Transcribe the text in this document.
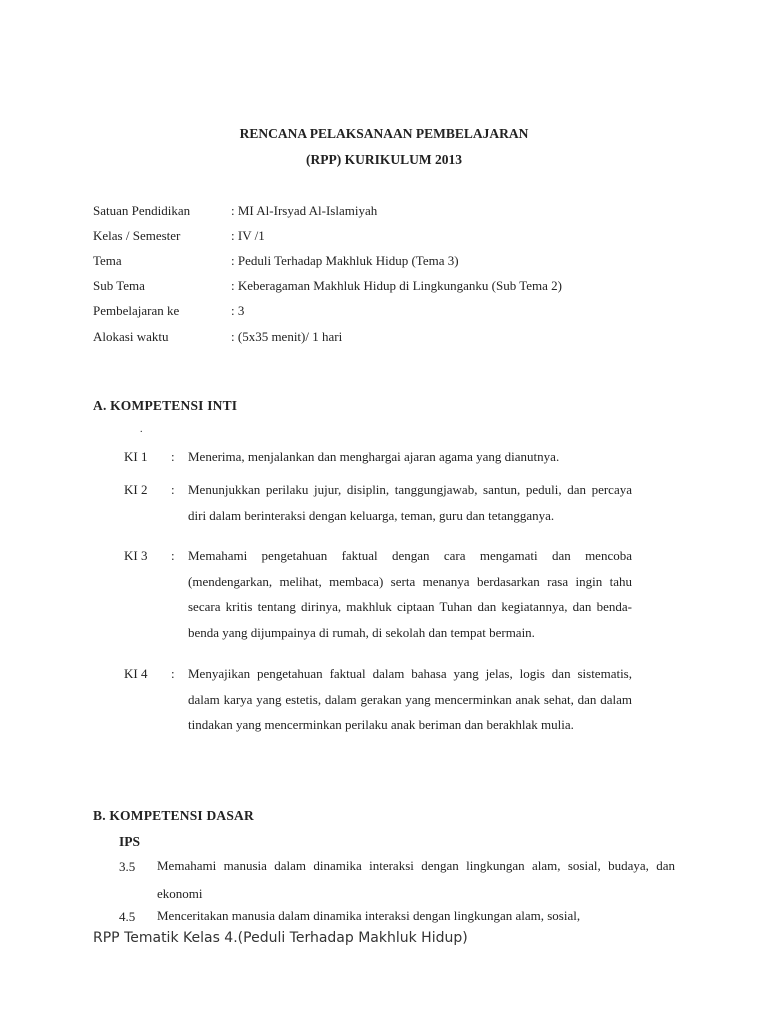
RENCANA PELAKSANAAN PEMBELAJARAN
(RPP) KURIKULUM 2013
Satuan Pendidikan	: MI Al-Irsyad Al-Islamiyah
Kelas / Semester	: IV /1
Tema	: Peduli Terhadap Makhluk Hidup (Tema 3)
Sub Tema	: Keberagaman Makhluk Hidup di Lingkunganku (Sub Tema 2)
Pembelajaran ke	: 3
Alokasi waktu	: (5x35 menit)/ 1 hari
A. KOMPETENSI INTI
.
KI 1 : Menerima, menjalankan dan menghargai ajaran agama yang dianutnya.
KI 2 : Menunjukkan perilaku jujur, disiplin, tanggungjawab, santun, peduli, dan percaya diri dalam berinteraksi dengan keluarga, teman, guru dan tetangganya.
KI 3 : Memahami pengetahuan faktual dengan cara mengamati dan mencoba (mendengarkan, melihat, membaca) serta menanya berdasarkan rasa ingin tahu secara kritis tentang dirinya, makhluk ciptaan Tuhan dan kegiatannya, dan benda-benda yang dijumpainya di rumah, di sekolah dan tempat bermain.
KI 4 : Menyajikan pengetahuan faktual dalam bahasa yang jelas, logis dan sistematis, dalam karya yang estetis, dalam gerakan yang mencerminkan anak sehat, dan dalam tindakan yang mencerminkan perilaku anak beriman dan berakhlak mulia.
B. KOMPETENSI DASAR
IPS
3.5 Memahami manusia dalam dinamika interaksi dengan lingkungan alam, sosial, budaya, dan ekonomi
4.5 Menceritakan manusia dalam dinamika interaksi dengan lingkungan alam, sosial,
RPP Tematik Kelas 4.(Peduli Terhadap Makhluk Hidup)
